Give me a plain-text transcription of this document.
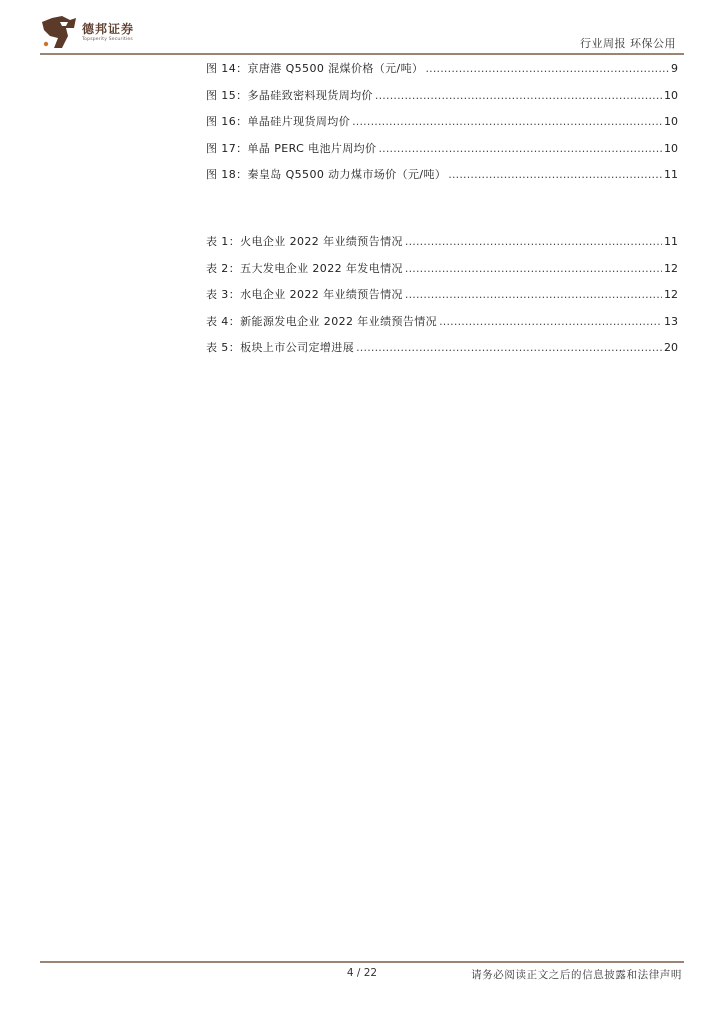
德邦证券
Topsperity Securities	行业周报 环保公用
图 14：京唐港 Q5500 混煤价格（元/吨） .....	9
图 15：多晶硅致密料现货周均价 .....	10
图 16：单晶硅片现货周均价 .....	10
图 17：单晶 PERC 电池片周均价 .....	10
图 18：秦皇岛 Q5500 动力煤市场价（元/吨） .....	11
表 1：火电企业 2022 年业绩预告情况 .....	11
表 2：五大发电企业 2022 年发电情况 .....	12
表 3：水电企业 2022 年业绩预告情况 .....	12
表 4：新能源发电企业 2022 年业绩预告情况 .....	13
表 5：板块上市公司定增进展 .....	20
4 / 22	请务必阅读正文之后的信息披露和法律声明
